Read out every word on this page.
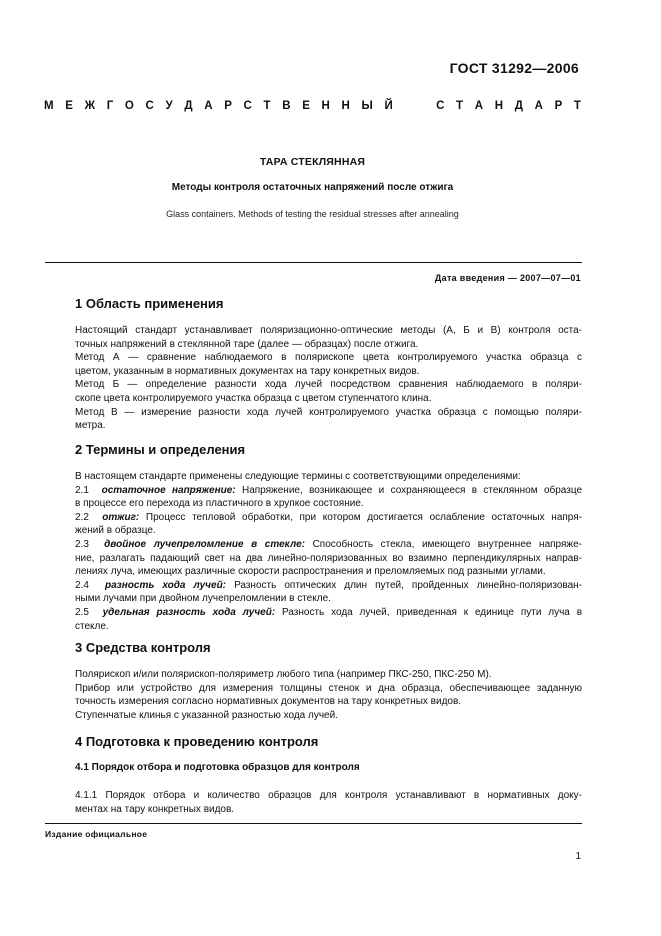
ГОСТ 31292—2006
М Е Ж Г О С У Д А Р С Т В Е Н Н Ы Й	С Т А Н Д А Р Т
ТАРА СТЕКЛЯННАЯ
Методы контроля остаточных напряжений после отжига
Glass containers. Methods of testing the residual stresses after annealing
Дата введения — 2007—07—01
1 Область применения
Настоящий стандарт устанавливает поляризационно-оптические методы (А, Б и В) контроля оста-
точных напряжений в стеклянной таре (далее — образцах) после отжига.
Метод А — сравнение наблюдаемого в полярископе цвета контролируемого участка образца с
цветом, указанным в нормативных документах на тару конкретных видов.
Метод Б — определение разности хода лучей посредством сравнения наблюдаемого в поляри-
скопе цвета контролируемого участка образца с цветом ступенчатого клина.
Метод В — измерение разности хода лучей контролируемого участка образца с помощью поляри-
метра.
2 Термины и определения
В настоящем стандарте применены следующие термины с соответствующими определениями:
2.1 остаточное напряжение: Напряжение, возникающее и сохраняющееся в стеклянном образце
в процессе его перехода из пластичного в хрупкое состояние.
2.2 отжиг: Процесс тепловой обработки, при котором достигается ослабление остаточных напря-
жений в образце.
2.3 двойное лучепреломление в стекле: Способность стекла, имеющего внутреннее напряже-
ние, разлагать падающий свет на два линейно-поляризованных во взаимно перпендикулярных направ-
лениях луча, имеющих различные скорости распространения и преломляемых под разными углами.
2.4 разность хода лучей: Разность оптических длин путей, пройденных линейно-поляризован-
ными лучами при двойном лучепреломлении в стекле.
2.5 удельная разность хода лучей: Разность хода лучей, приведенная к единице пути луча в
стекле.
3 Средства контроля
Полярископ и/или полярископ-поляриметр любого типа (например ПКС-250, ПКС-250 М).
Прибор или устройство для измерения толщины стенок и дна образца, обеспечивающее заданную
точность измерения согласно нормативных документов на тару конкретных видов.
Ступенчатые клинья с указанной разностью хода лучей.
4 Подготовка к проведению контроля
4.1 Порядок отбора и подготовка образцов для контроля
4.1.1 Порядок отбора и количество образцов для контроля устанавливают в нормативных доку-
ментах на тару конкретных видов.
Издание официальное
1
